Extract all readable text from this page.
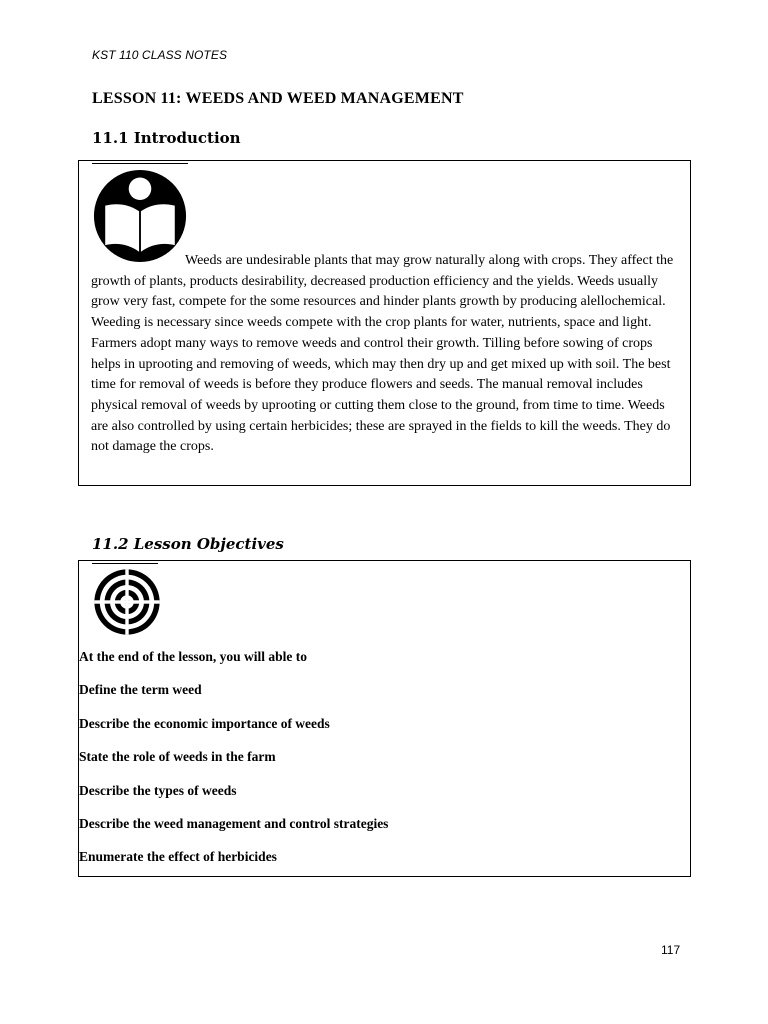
KST 110 CLASS NOTES
LESSON 11: WEEDS AND WEED MANAGEMENT
11.1 Introduction

Weeds are undesirable plants that may grow naturally along with crops. They affect the growth of plants, products desirability, decreased production efficiency and the yields. Weeds usually grow very fast, compete for the some resources and hinder plants growth by producing alellochemical. Weeding is necessary since weeds compete with the crop plants for water, nutrients, space and light. Farmers adopt many ways to remove weeds and control their growth. Tilling before sowing of crops helps in uprooting and removing of weeds, which may then dry up and get mixed up with soil. The best time for removal of weeds is before they produce flowers and seeds. The manual removal includes physical removal of weeds by uprooting or cutting them close to the ground, from time to time. Weeds are also controlled by using certain herbicides; these are sprayed in the fields to kill the weeds. They do not damage the crops.

11.2 Lesson Objectives
At the end of the lesson, you will able to
Define the term weed
Describe the economic importance of weeds
State the role of weeds in the farm
Describe the types of weeds
Describe the weed management and control strategies
Enumerate the effect of herbicides
117
